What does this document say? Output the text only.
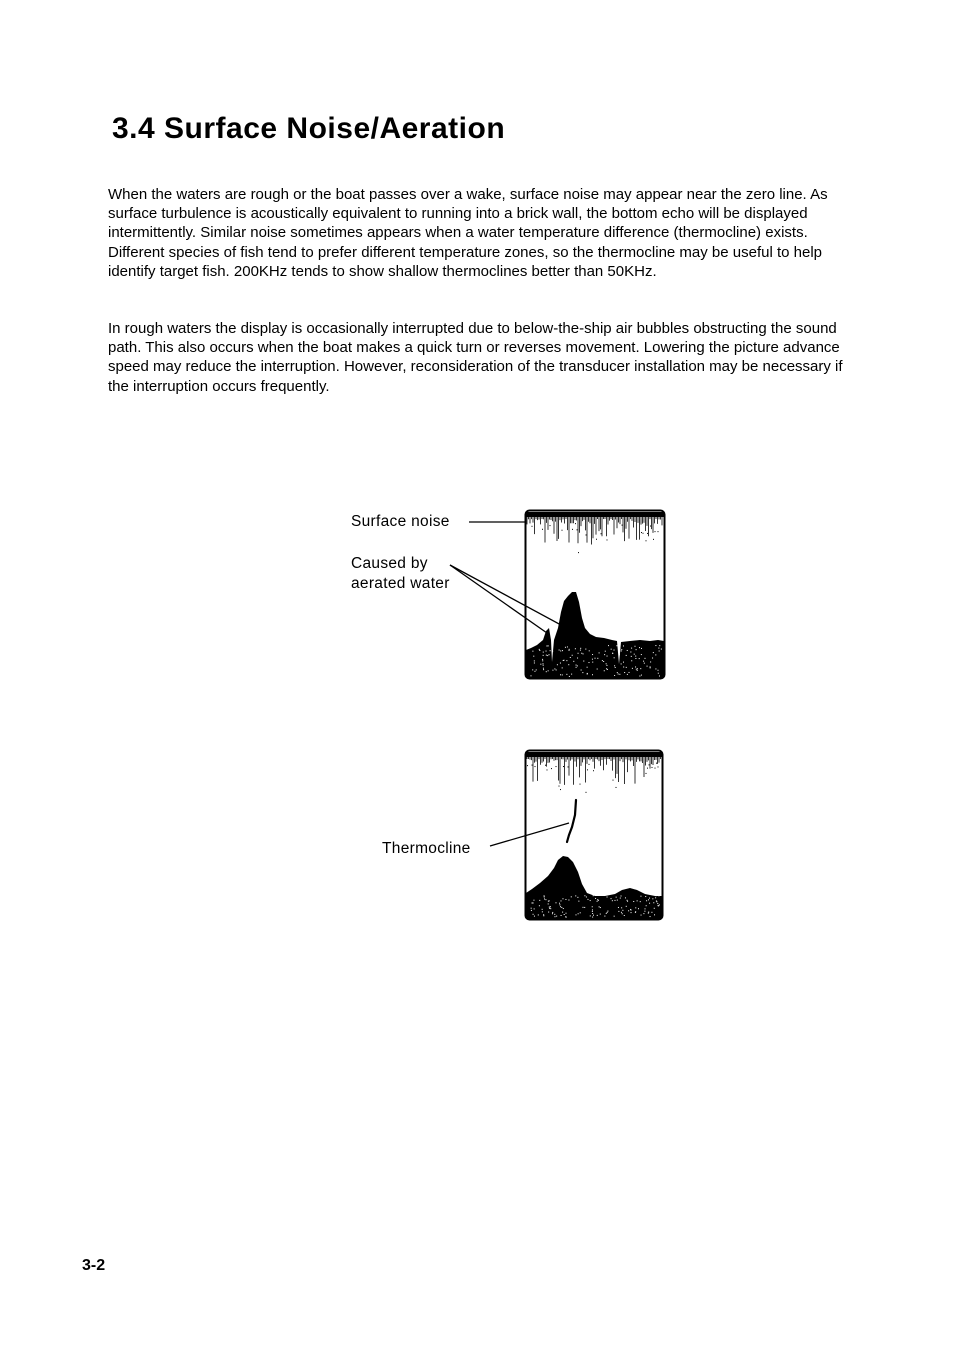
3.4 Surface Noise/Aeration

When the waters are rough or the boat passes over a wake, surface noise may appear near the zero line. As surface turbulence is acoustically equivalent to running into a brick wall, the bottom echo will be displayed intermittently. Similar noise sometimes appears when a water temperature difference (thermocline) exists. Different species of fish tend to prefer different temperature zones, so the thermocline may be useful to help identify target fish. 200KHz tends to show shallow thermoclines better than 50KHz.

In rough waters the display is occasionally interrupted due to below-the-ship air bubbles obstructing the sound path. This also occurs when the boat makes a quick turn or reverses movement. Lowering the picture advance speed may reduce the interruption. However, reconsideration of the transducer installation may be necessary if the interruption occurs frequently.

Surface noise
Caused by
aerated water
Thermocline
3-2
